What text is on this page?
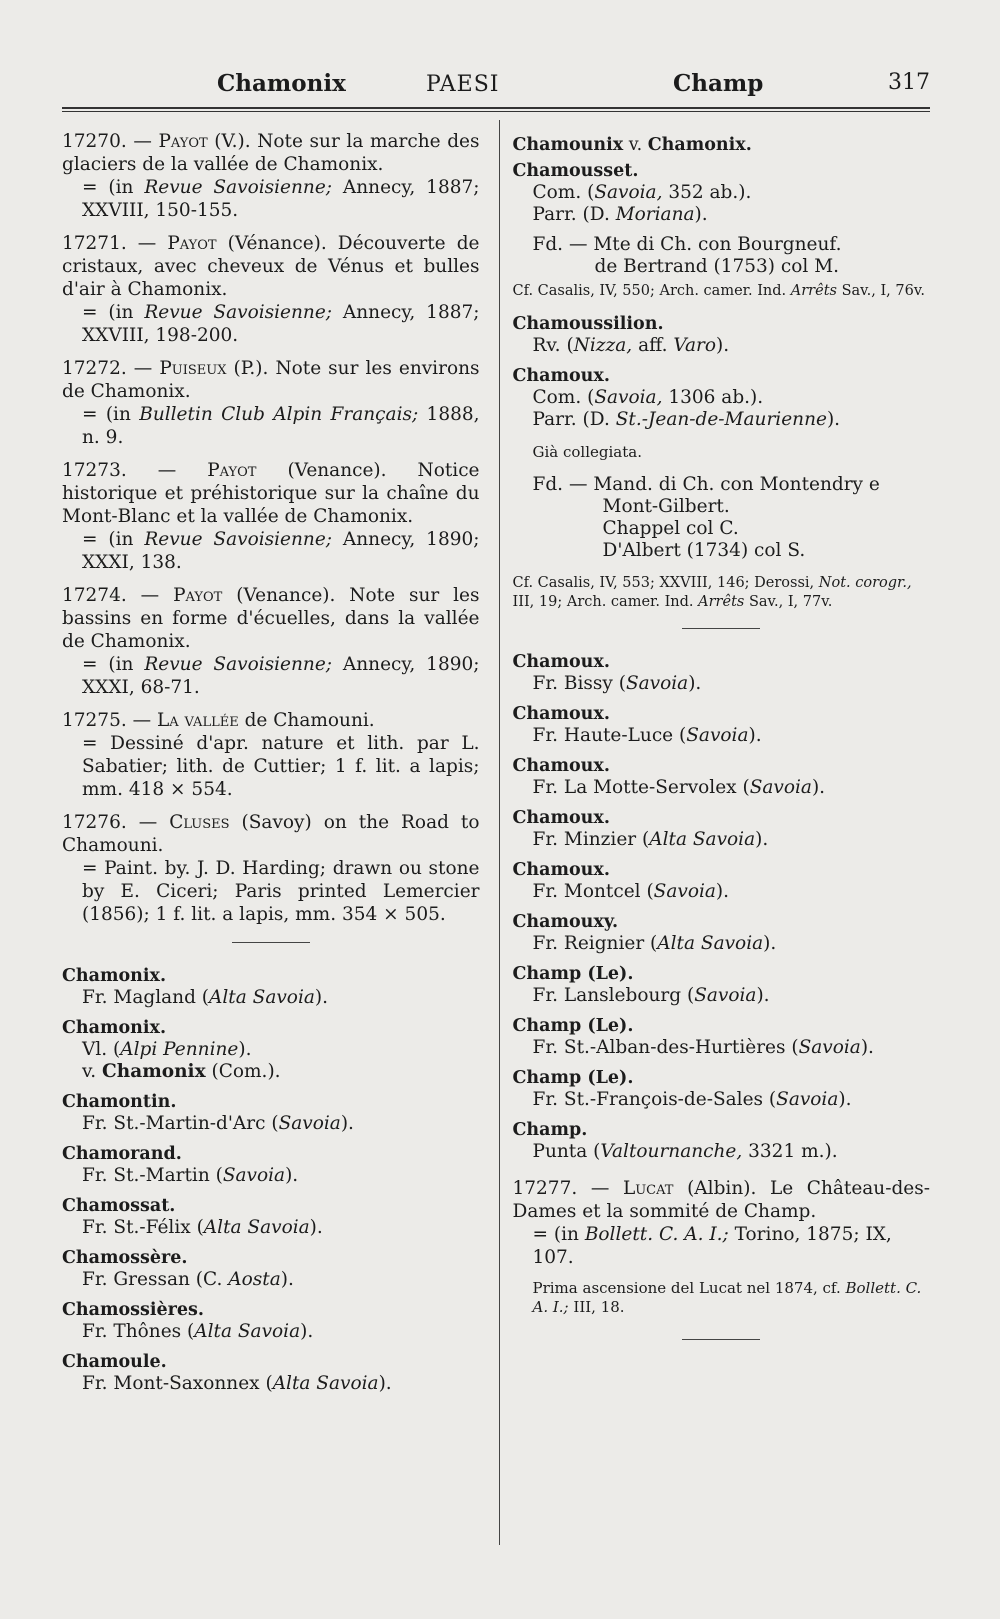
Chamonix	PAESI	Champ	317
17270. — Payot (V.). Note sur la marche des glaciers de la vallée de Chamonix.
= (in Revue Savoisienne; Annecy, 1887; XXVIII, 150-155.
17271. — Payot (Vénance). Découverte de cristaux, avec cheveux de Vénus et bulles d'air à Chamonix.
= (in Revue Savoisienne; Annecy, 1887; XXVIII, 198-200.
17272. — Puiseux (P.). Note sur les environs de Chamonix.
= (in Bulletin Club Alpin Français; 1888, n. 9.
17273. — Payot (Venance). Notice historique et préhistorique sur la chaîne du Mont-Blanc et la vallée de Chamonix.
= (in Revue Savoisienne; Annecy, 1890; XXXI, 138.
17274. — Payot (Venance). Note sur les bassins en forme d'écuelles, dans la vallée de Chamonix.
= (in Revue Savoisienne; Annecy, 1890; XXXI, 68-71.
17275. — La vallée de Chamouni.
= Dessiné d'apr. nature et lith. par L. Sabatier; lith. de Cuttier; 1 f. lit. a lapis; mm. 418 × 554.
17276. — Cluses (Savoy) on the Road to Chamouni.
= Paint. by. J. D. Harding; drawn ou stone by E. Ciceri; Paris printed Lemercier (1856); 1 f. lit. a lapis, mm. 354 × 505.
Chamonix.
Fr. Magland (Alta Savoia).
Chamonix.
Vl. (Alpi Pennine).
v. Chamonix (Com.).
Chamontin.
Fr. St.-Martin-d'Arc (Savoia).
Chamorand.
Fr. St.-Martin (Savoia).
Chamossat.
Fr. St.-Félix (Alta Savoia).
Chamossère.
Fr. Gressan (C. Aosta).
Chamossières.
Fr. Thônes (Alta Savoia).
Chamoule.
Fr. Mont-Saxonnex (Alta Savoia).
Chamounix v. Chamonix.
Chamousset.
Com. (Savoia, 352 ab.).
Parr. (D. Moriana).
Fd. — Mte di Ch. con Bourgneuf.
de Bertrand (1753) col M.
Cf. Casalis, IV, 550; Arch. camer. Ind. Arrêts Sav., I, 76v.
Chamoussilion.
Rv. (Nizza, aff. Varo).
Chamoux.
Com. (Savoia, 1306 ab.).
Parr. (D. St.-Jean-de-Maurienne).
Già collegiata.
Fd. — Mand. di Ch. con Montendry e
Mont-Gilbert.
Chappel col C.
D'Albert (1734) col S.
Cf. Casalis, IV, 553; XXVIII, 146; Derossi, Not. corogr., III, 19; Arch. camer. Ind. Arrêts Sav., I, 77v.
Chamoux.
Fr. Bissy (Savoia).
Chamoux.
Fr. Haute-Luce (Savoia).
Chamoux.
Fr. La Motte-Servolex (Savoia).
Chamoux.
Fr. Minzier (Alta Savoia).
Chamoux.
Fr. Montcel (Savoia).
Chamouxy.
Fr. Reignier (Alta Savoia).
Champ (Le).
Fr. Lanslebourg (Savoia).
Champ (Le).
Fr. St.-Alban-des-Hurtières (Savoia).
Champ (Le).
Fr. St.-François-de-Sales (Savoia).
Champ.
Punta (Valtournanche, 3321 m.).
17277. — Lucat (Albin). Le Château-des-Dames et la sommité de Champ.
= (in Bollett. C. A. I.; Torino, 1875; IX, 107.
Prima ascensione del Lucat nel 1874, cf. Bollett. C. A. I.; III, 18.
